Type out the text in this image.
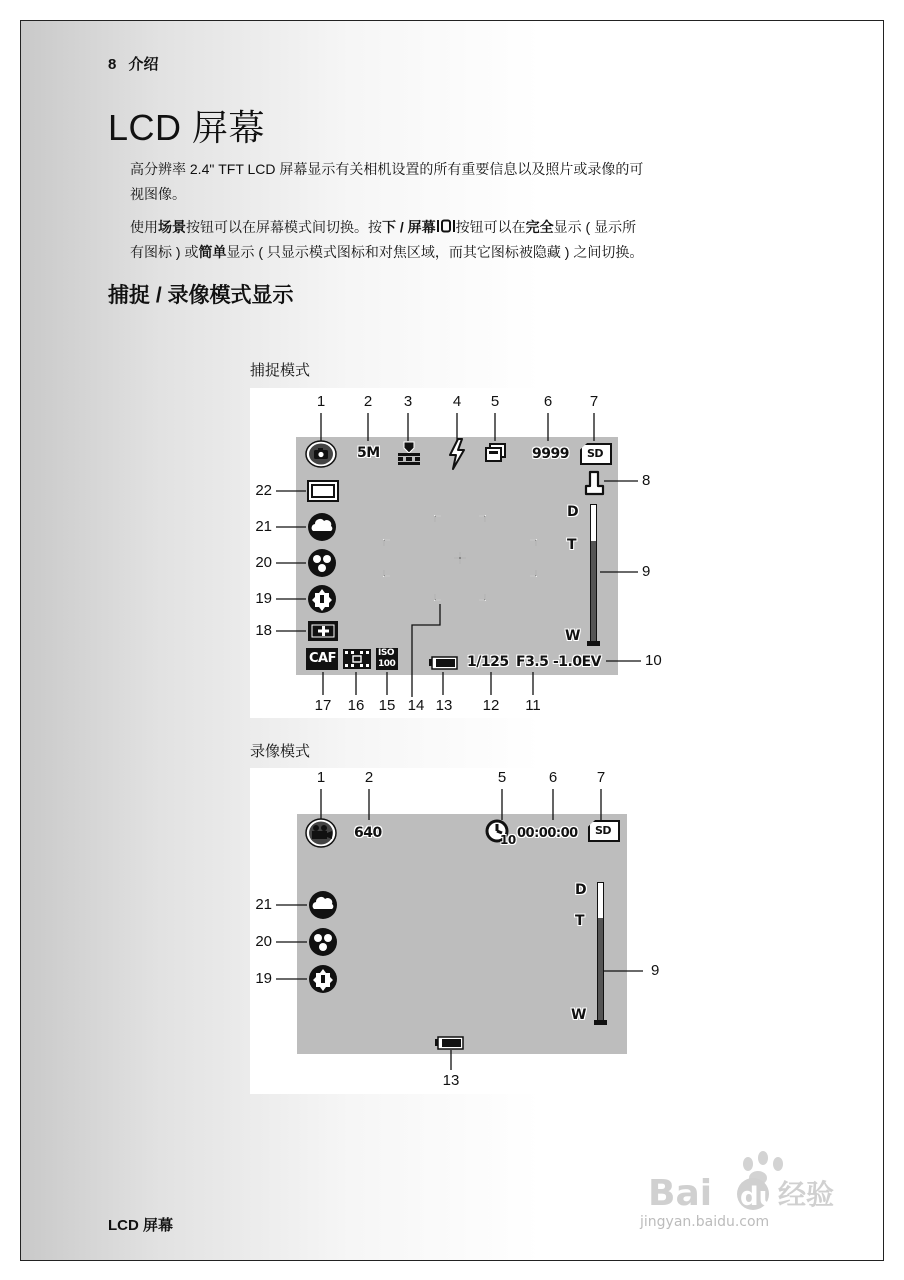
8 介绍
LCD 屏幕
高分辨率 2.4" TFT LCD 屏幕显示有关相机设置的所有重要信息以及照片或录像的可
视图像。
使用场景按钮可以在屏幕模式间切换。按下 / 屏幕 按钮可以在完全显示 ( 显示所
有图标 ) 或简单显示 ( 只显示模式图标和对焦区域，而其它图标被隐藏 ) 之间切换。
捕捉 / 录像模式显示
捕捉模式
1	2	3	4	5	6	7
8
9
10
22
21
20
19
18
17	16 15 14 13	12	11
5M	9999 SD
D
T
W
CAF	ISO
100	1/125 F3.5 -1.0EV
录像模式
1	2	5	6	7
21
20
19	9
13
640	10 00:00:00 SD
D
T
W
LCD 屏幕
Bai du 经验
jingyan.baidu.com
